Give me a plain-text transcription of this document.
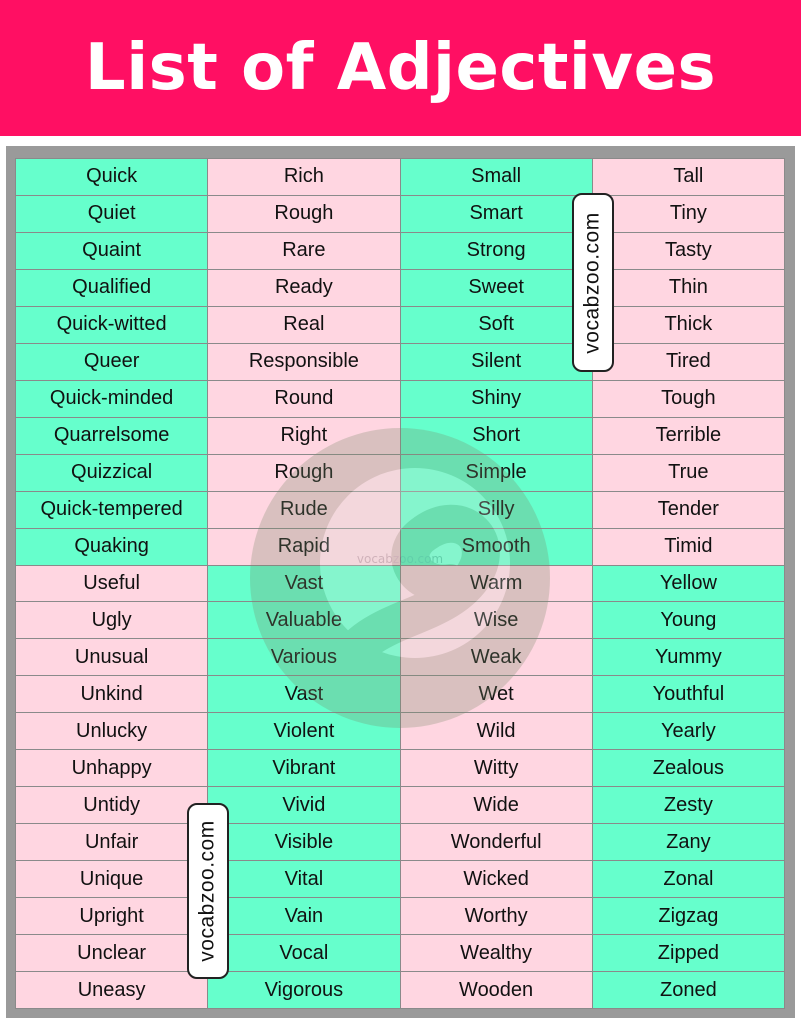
List of Adjectives
Quick	Rich	Small	Tall
Quiet	Rough	Smart	Tiny
Quaint	Rare	Strong	Tasty
Qualified	Ready	Sweet	Thin
Quick-witted	Real	Soft	Thick
Queer	Responsible	Silent	Tired
Quick-minded	Round	Shiny	Tough
Quarrelsome	Right	Short	Terrible
Quizzical	Rough	Simple	True
Quick-tempered	Rude	Silly	Tender
Quaking	Rapid	Smooth	Timid
Useful	Vast	Warm	Yellow
Ugly	Valuable	Wise	Young
Unusual	Various	Weak	Yummy
Unkind	Vast	Wet	Youthful
Unlucky	Violent	Wild	Yearly
Unhappy	Vibrant	Witty	Zealous
Untidy	Vivid	Wide	Zesty
Unfair	Visible	Wonderful	Zany
Unique	Vital	Wicked	Zonal
Upright	Vain	Worthy	Zigzag
Unclear	Vocal	Wealthy	Zipped
Uneasy	Vigorous	Wooden	Zoned
vocabzoo.com
vocabzoo.com
vocabzoo.com
